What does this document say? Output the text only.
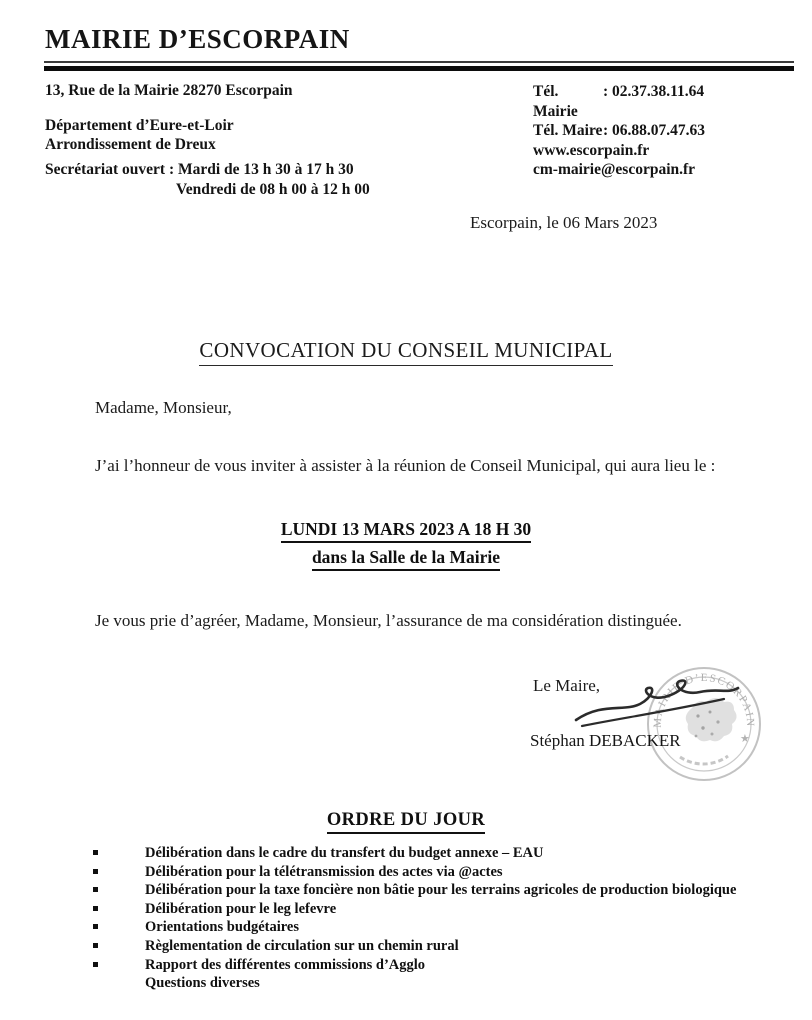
MAIRIE D’ESCORPAIN
13, Rue de la Mairie 28270 Escorpain
Département d’Eure-et-Loir
Arrondissement de Dreux
Secrétariat ouvert : Mardi de 13 h 30 à 17 h 30
Vendredi de 08 h 00 à 12 h 00
Tél. Mairie
: 02.37.38.11.64
Tél. Maire : 06.88.07.47.63
www.escorpain.fr
cm-mairie@escorpain.fr
Escorpain, le 06 Mars 2023
CONVOCATION DU CONSEIL MUNICIPAL
Madame, Monsieur,
J’ai l’honneur de vous inviter à assister à la réunion de Conseil Municipal, qui aura lieu le :
LUNDI 13 MARS 2023 A 18 H 30
dans la Salle de la Mairie
Je vous prie d’agréer, Madame, Monsieur, l’assurance de ma considération distinguée.
Le Maire,
MAIRIE D’ESCORPAIN
★
Stéphan DEBACKER
ORDRE DU JOUR
Délibération dans le cadre du transfert du budget annexe – EAU
Délibération pour la télétransmission des actes via @actes
Délibération pour la taxe foncière non bâtie pour les terrains agricoles de production biologique
Délibération pour le leg lefevre
Orientations budgétaires
Règlementation de circulation sur un chemin rural
Rapport des différentes commissions d’Agglo
Questions diverses
